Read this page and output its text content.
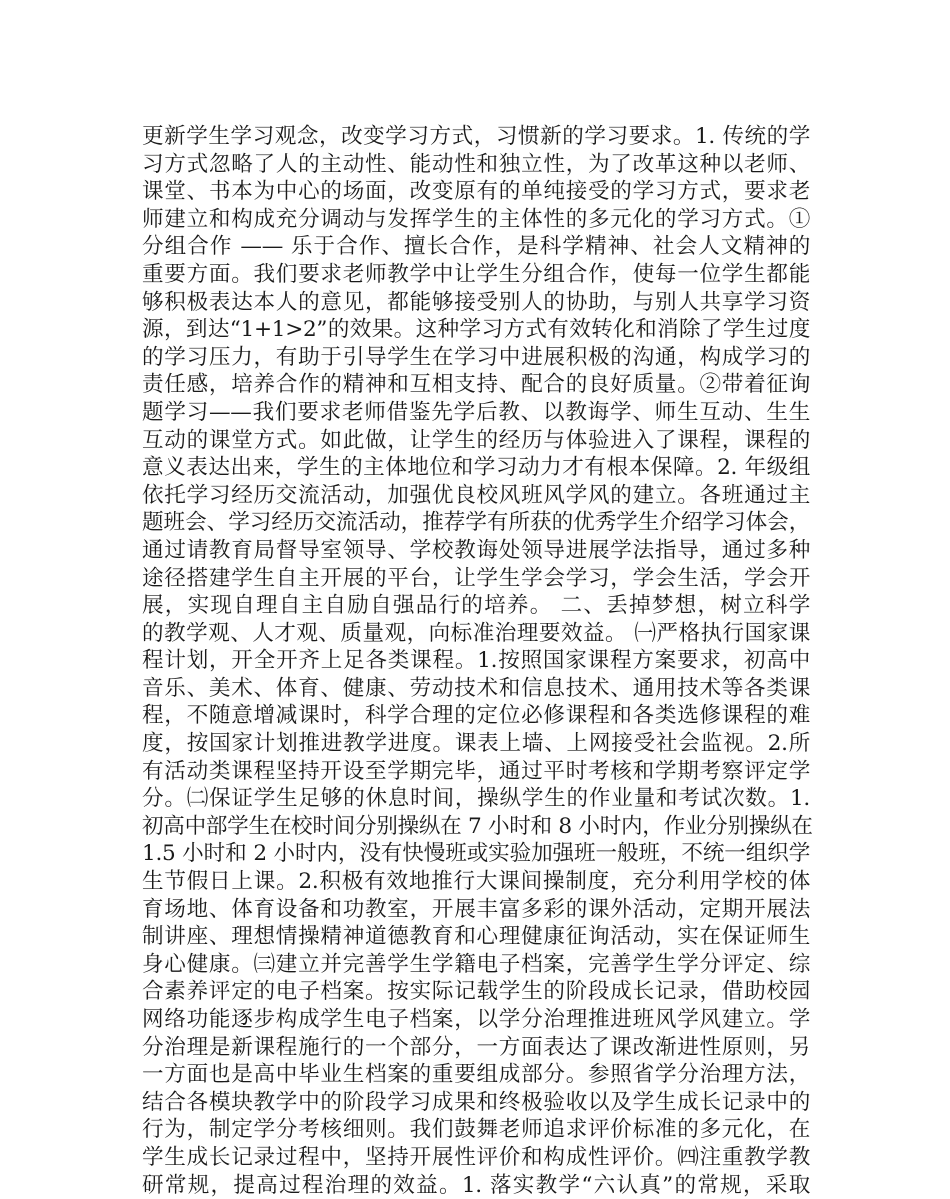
更新学生学习观念，改变学习方式，习惯新的学习要求。1. 传统的学
习方式忽略了人的主动性、能动性和独立性，为了改革这种以老师、
课堂、书本为中心的场面，改变原有的单纯接受的学习方式，要求老
师建立和构成充分调动与发挥学生的主体性的多元化的学习方式。①
分组合作 —— 乐于合作、擅长合作，是科学精神、社会人文精神的
重要方面。我们要求老师教学中让学生分组合作，使每一位学生都能
够积极表达本人的意见，都能够接受别人的协助，与别人共享学习资
源，到达“1+1>2”的效果。这种学习方式有效转化和消除了学生过度
的学习压力，有助于引导学生在学习中进展积极的沟通，构成学习的
责任感，培养合作的精神和互相支持、配合的良好质量。②带着征询
题学习——我们要求老师借鉴先学后教、以教诲学、师生互动、生生
互动的课堂方式。如此做，让学生的经历与体验进入了课程，课程的
意义表达出来，学生的主体地位和学习动力才有根本保障。2. 年级组
依托学习经历交流活动，加强优良校风班风学风的建立。各班通过主
题班会、学习经历交流活动，推荐学有所获的优秀学生介绍学习体会，
通过请教育局督导室领导、学校教诲处领导进展学法指导，通过多种
途径搭建学生自主开展的平台，让学生学会学习，学会生活，学会开
展，实现自理自主自励自强品行的培养。 二、丢掉梦想，树立科学
的教学观、人才观、质量观，向标准治理要效益。 ㈠严格执行国家课
程计划，开全开齐上足各类课程。1.按照国家课程方案要求，初高中
音乐、美术、体育、健康、劳动技术和信息技术、通用技术等各类课
程，不随意增减课时，科学合理的定位必修课程和各类选修课程的难
度，按国家计划推进教学进度。课表上墙、上网接受社会监视。2.所
有活动类课程坚持开设至学期完毕，通过平时考核和学期考察评定学
分。㈡保证学生足够的休息时间，操纵学生的作业量和考试次数。1.
初高中部学生在校时间分别操纵在 7 小时和 8 小时内，作业分别操纵在
1.5 小时和 2 小时内，没有快慢班或实验加强班一般班，不统一组织学
生节假日上课。2.积极有效地推行大课间操制度，充分利用学校的体
育场地、体育设备和功教室，开展丰富多彩的课外活动，定期开展法
制讲座、理想情操精神道德教育和心理健康征询活动，实在保证师生
身心健康。㈢建立并完善学生学籍电子档案，完善学生学分评定、综
合素养评定的电子档案。按实际记载学生的阶段成长记录，借助校园
网络功能逐步构成学生电子档案，以学分治理推进班风学风建立。学
分治理是新课程施行的一个部分，一方面表达了课改渐进性原则，另
一方面也是高中毕业生档案的重要组成部分。参照省学分治理方法，
结合各模块教学中的阶段学习成果和终极验收以及学生成长记录中的
行为，制定学分考核细则。我们鼓舞老师追求评价标准的多元化，在
学生成长记录过程中，坚持开展性评价和构成性评价。㈣注重教学教
研常规，提高过程治理的效益。1. 落实教学“六认真”的常规，采取
